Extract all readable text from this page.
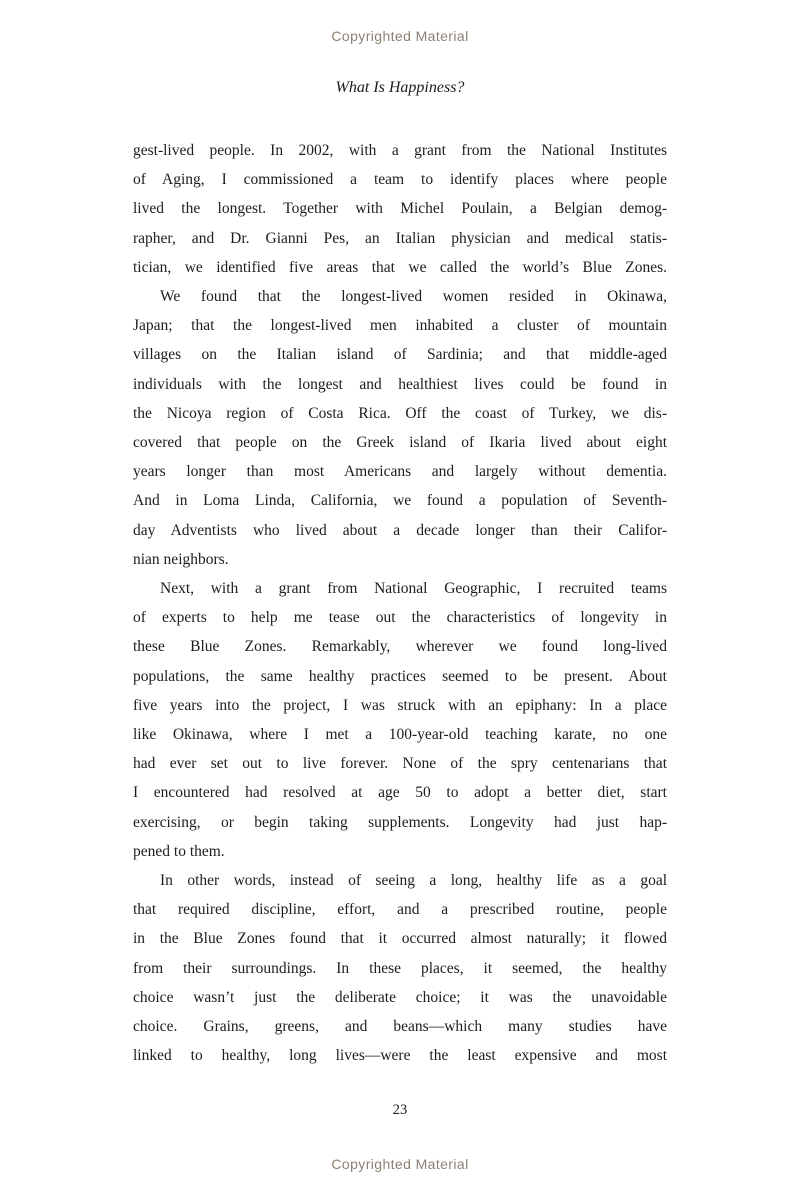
Copyrighted Material
What Is Happiness?
gest-lived people. In 2002, with a grant from the National Institutes
of Aging, I commissioned a team to identify places where people
lived the longest. Together with Michel Poulain, a Belgian demog-
rapher, and Dr. Gianni Pes, an Italian physician and medical statis-
tician, we identified five areas that we called the world’s Blue Zones.
We found that the longest-lived women resided in Okinawa,
Japan; that the longest-lived men inhabited a cluster of mountain
villages on the Italian island of Sardinia; and that middle-aged
individuals with the longest and healthiest lives could be found in
the Nicoya region of Costa Rica. Off the coast of Turkey, we dis-
covered that people on the Greek island of Ikaria lived about eight
years longer than most Americans and largely without dementia.
And in Loma Linda, California, we found a population of Seventh-
day Adventists who lived about a decade longer than their Califor-
nian neighbors.
Next, with a grant from National Geographic, I recruited teams
of experts to help me tease out the characteristics of longevity in
these Blue Zones. Remarkably, wherever we found long-lived
populations, the same healthy practices seemed to be present. About
five years into the project, I was struck with an epiphany: In a place
like Okinawa, where I met a 100-year-old teaching karate, no one
had ever set out to live forever. None of the spry centenarians that
I encountered had resolved at age 50 to adopt a better diet, start
exercising, or begin taking supplements. Longevity had just hap-
pened to them.
In other words, instead of seeing a long, healthy life as a goal
that required discipline, effort, and a prescribed routine, people
in the Blue Zones found that it occurred almost naturally; it flowed
from their surroundings. In these places, it seemed, the healthy
choice wasn’t just the deliberate choice; it was the unavoidable
choice. Grains, greens, and beans—which many studies have
linked to healthy, long lives—were the least expensive and most
23
Copyrighted Material
